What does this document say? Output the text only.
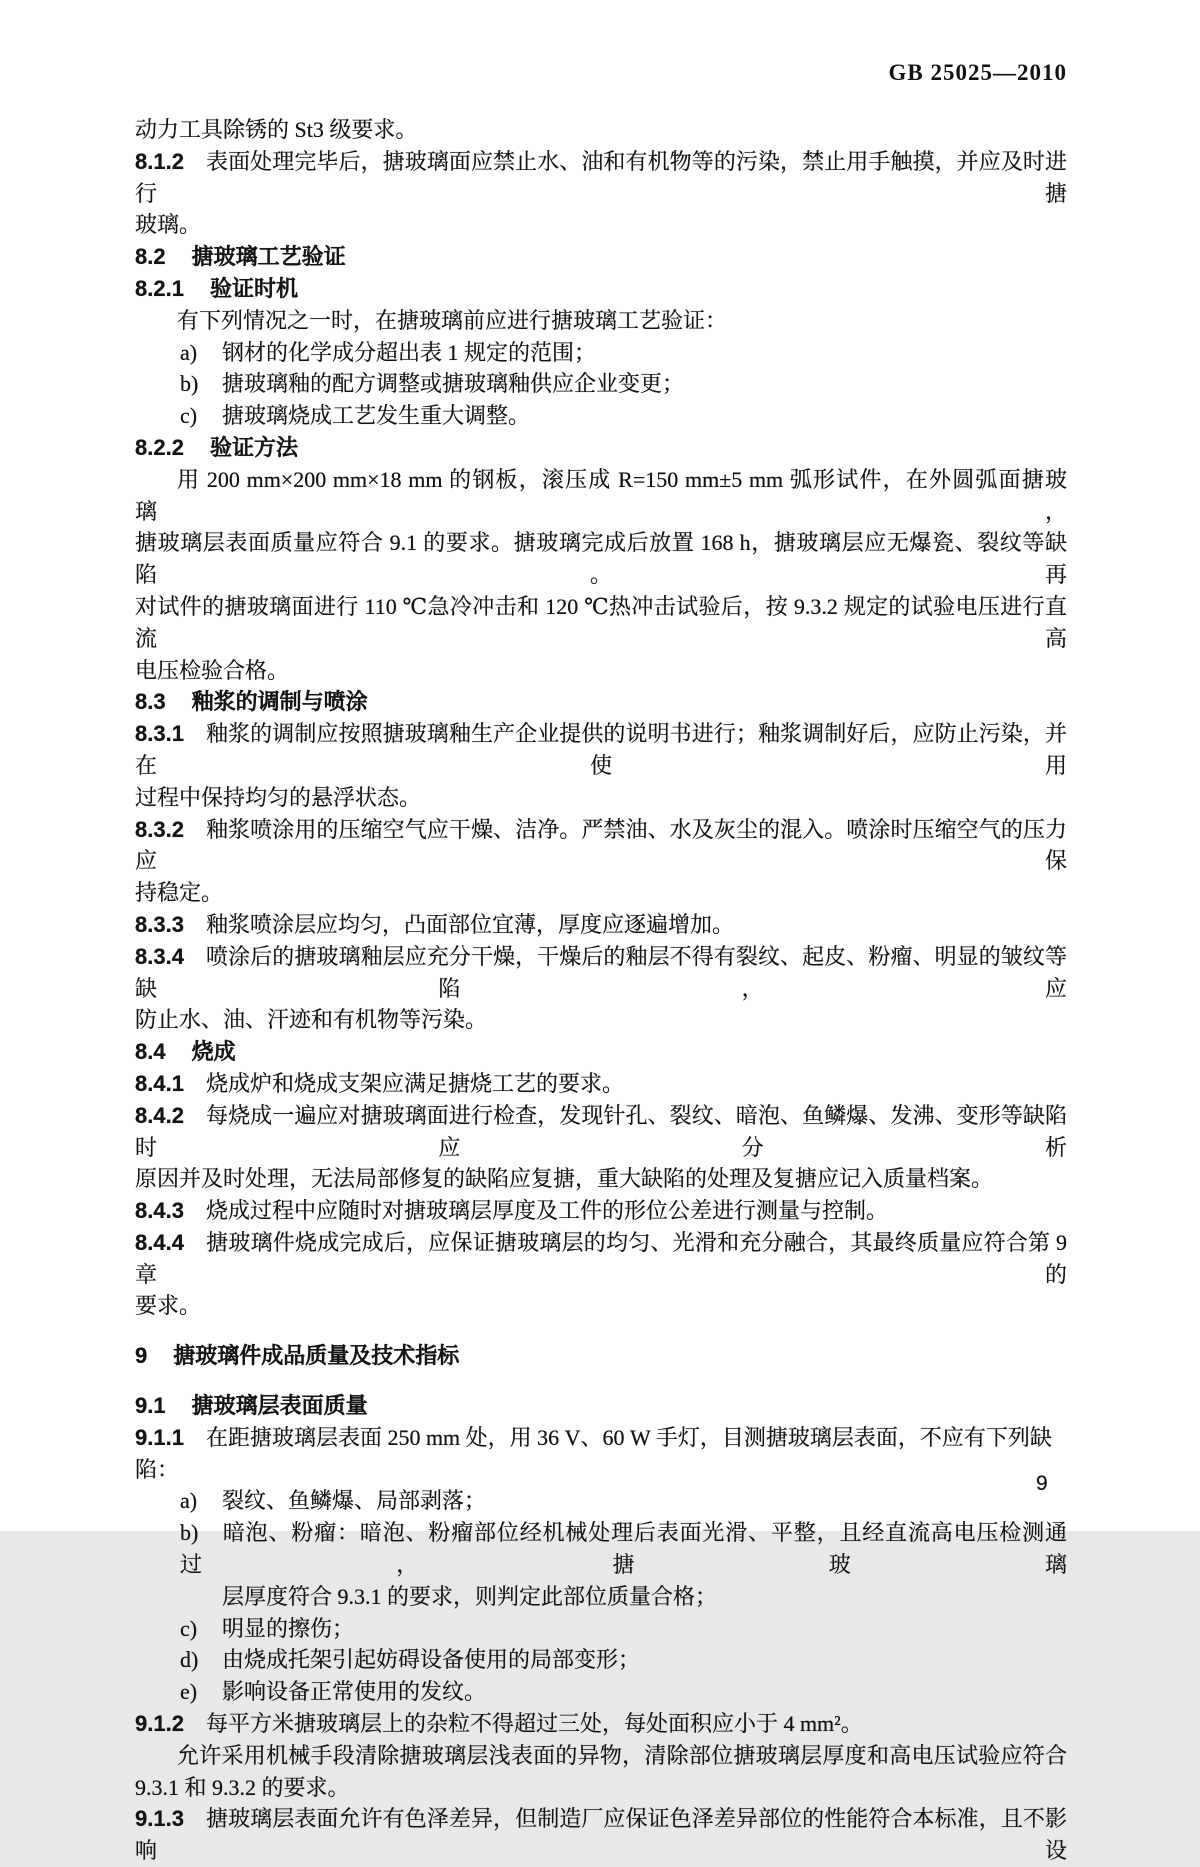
GB 25025—2010
动力工具除锈的 St3 级要求。
8.1.2 表面处理完毕后，搪玻璃面应禁止水、油和有机物等的污染，禁止用手触摸，并应及时进行搪
玻璃。
8.2 搪玻璃工艺验证
8.2.1 验证时机
有下列情况之一时，在搪玻璃前应进行搪玻璃工艺验证：
a) 钢材的化学成分超出表 1 规定的范围；
b) 搪玻璃釉的配方调整或搪玻璃釉供应企业变更；
c) 搪玻璃烧成工艺发生重大调整。
8.2.2 验证方法
用 200 mm×200 mm×18 mm 的钢板，滚压成 R=150 mm±5 mm 弧形试件，在外圆弧面搪玻璃，
搪玻璃层表面质量应符合 9.1 的要求。搪玻璃完成后放置 168 h，搪玻璃层应无爆瓷、裂纹等缺陷。再
对试件的搪玻璃面进行 110 ℃急冷冲击和 120 ℃热冲击试验后，按 9.3.2 规定的试验电压进行直流高
电压检验合格。
8.3 釉浆的调制与喷涂
8.3.1 釉浆的调制应按照搪玻璃釉生产企业提供的说明书进行；釉浆调制好后，应防止污染，并在使用
过程中保持均匀的悬浮状态。
8.3.2 釉浆喷涂用的压缩空气应干燥、洁净。严禁油、水及灰尘的混入。喷涂时压缩空气的压力应保
持稳定。
8.3.3 釉浆喷涂层应均匀，凸面部位宜薄，厚度应逐遍增加。
8.3.4 喷涂后的搪玻璃釉层应充分干燥，干燥后的釉层不得有裂纹、起皮、粉瘤、明显的皱纹等缺陷，应
防止水、油、汗迹和有机物等污染。
8.4 烧成
8.4.1 烧成炉和烧成支架应满足搪烧工艺的要求。
8.4.2 每烧成一遍应对搪玻璃面进行检查，发现针孔、裂纹、暗泡、鱼鳞爆、发沸、变形等缺陷时应分析
原因并及时处理，无法局部修复的缺陷应复搪，重大缺陷的处理及复搪应记入质量档案。
8.4.3 烧成过程中应随时对搪玻璃层厚度及工件的形位公差进行测量与控制。
8.4.4 搪玻璃件烧成完成后，应保证搪玻璃层的均匀、光滑和充分融合，其最终质量应符合第 9 章的
要求。
9 搪玻璃件成品质量及技术指标
9.1 搪玻璃层表面质量
9.1.1 在距搪玻璃层表面 250 mm 处，用 36 V、60 W 手灯，目测搪玻璃层表面，不应有下列缺陷：
a) 裂纹、鱼鳞爆、局部剥落；
b) 暗泡、粉瘤：暗泡、粉瘤部位经机械处理后表面光滑、平整，且经直流高电压检测通过，搪玻璃
层厚度符合 9.3.1 的要求，则判定此部位质量合格；
c) 明显的擦伤；
d) 由烧成托架引起妨碍设备使用的局部变形；
e) 影响设备正常使用的发纹。
9.1.2 每平方米搪玻璃层上的杂粒不得超过三处，每处面积应小于 4 mm²。
允许采用机械手段清除搪玻璃层浅表面的异物，清除部位搪玻璃层厚度和高电压试验应符合
9.3.1 和 9.3.2 的要求。
9.1.3 搪玻璃层表面允许有色泽差异，但制造厂应保证色泽差异部位的性能符合本标准，且不影响设
9
